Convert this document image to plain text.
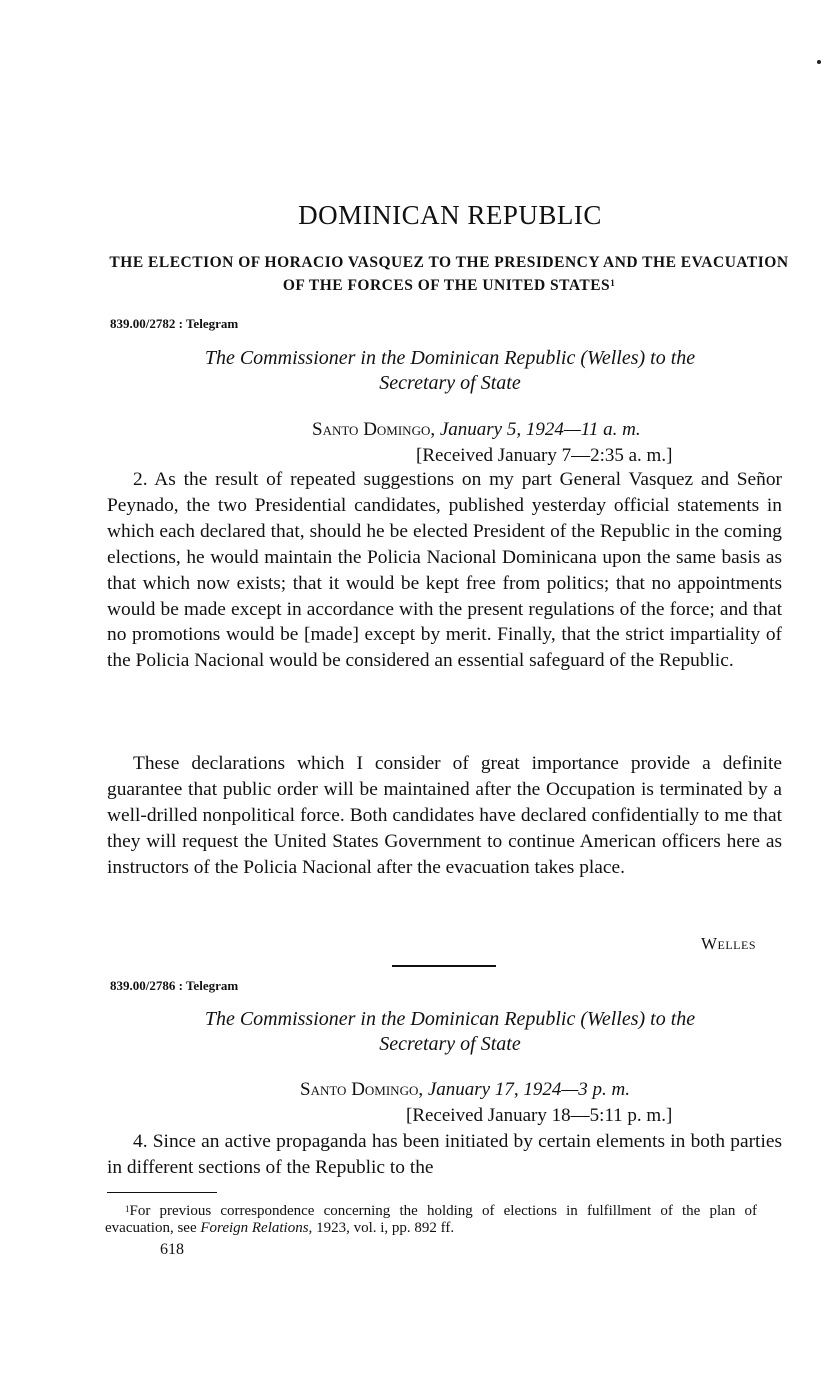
DOMINICAN REPUBLIC
THE ELECTION OF HORACIO VASQUEZ TO THE PRESIDENCY AND THE EVACUATION OF THE FORCES OF THE UNITED STATES$^1$
839.00/2782 : Telegram
The Commissioner in the Dominican Republic (Welles) to the
Secretary of State
Santo Domingo, January 5, 1924—11 a. m.
[Received January 7—2:35 a. m.]

2. As the result of repeated suggestions on my part General Vasquez and Señor Peynado, the two Presidential candidates, published yesterday official statements in which each declared that, should he be elected President of the Republic in the coming elections, he would maintain the Policia Nacional Dominicana upon the same basis as that which now exists; that it would be kept free from politics; that no appointments would be made except in accordance with the present regulations of the force; and that no promotions would be [made] except by merit. Finally, that the strict impartiality of the Policia Nacional would be considered an essential safeguard of the Republic.

These declarations which I consider of great importance provide a definite guarantee that public order will be maintained after the Occupation is terminated by a well-drilled nonpolitical force. Both candidates have declared confidentially to me that they will request the United States Government to continue American officers here as instructors of the Policia Nacional after the evacuation takes place.

Welles
839.00/2786 : Telegram
The Commissioner in the Dominican Republic (Welles) to the
Secretary of State
Santo Domingo, January 17, 1924—3 p. m.
[Received January 18—5:11 p. m.]

4. Since an active propaganda has been initiated by certain elements in both parties in different sections of the Republic to the

$^1$For previous correspondence concerning the holding of elections in fulfillment of the plan of evacuation, see Foreign Relations, 1923, vol. i, pp. 892 ff.
618
